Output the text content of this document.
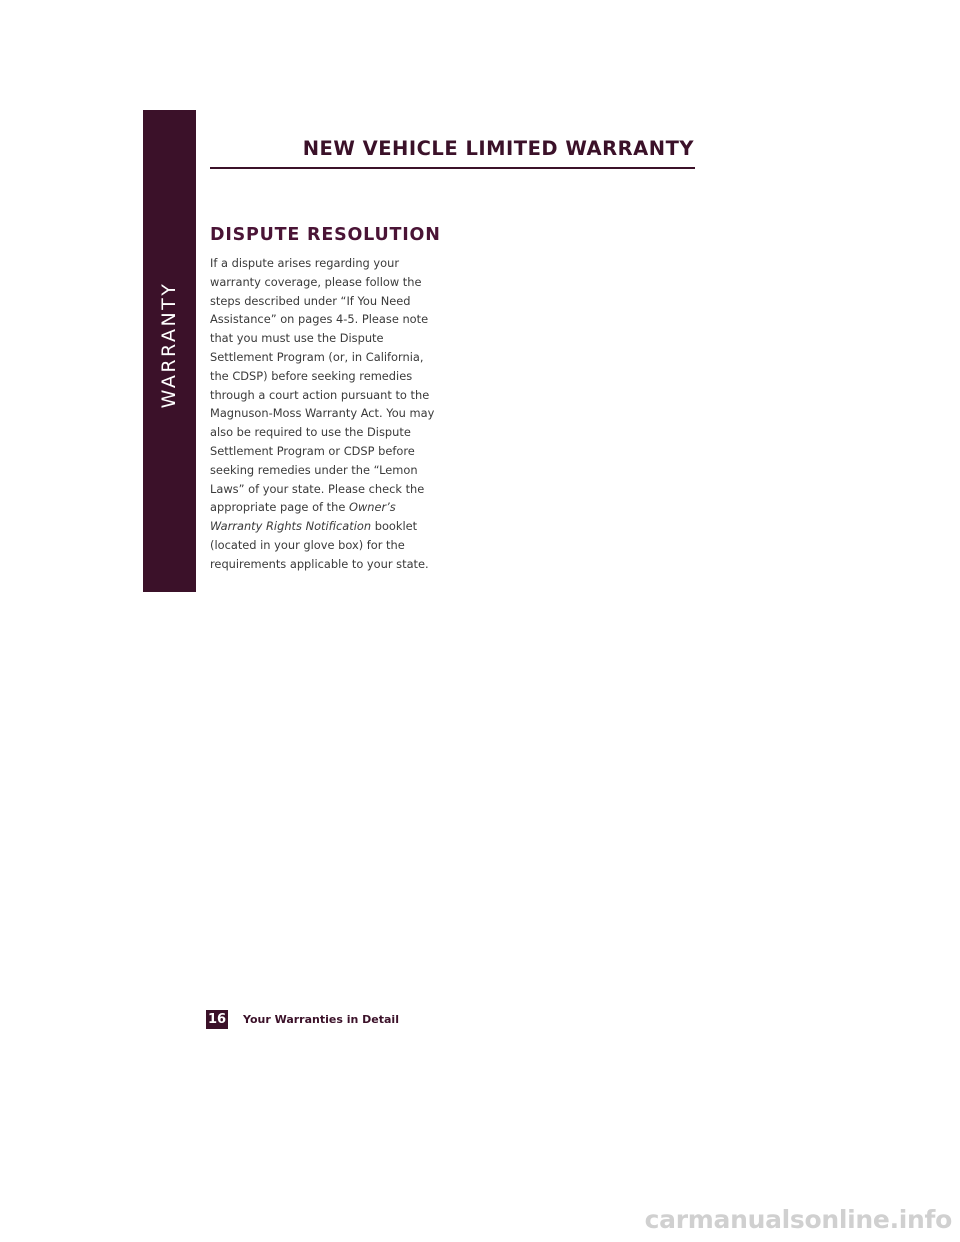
WARRANTY
NEW VEHICLE LIMITED WARRANTY
DISPUTE RESOLUTION
If a dispute arises regarding your
warranty coverage, please follow the
steps described under “If You Need
Assistance” on pages 4-5. Please note
that you must use the Dispute
Settlement Program (or, in California,
the CDSP) before seeking remedies
through a court action pursuant to the
Magnuson-Moss Warranty Act. You may
also be required to use the Dispute
Settlement Program or CDSP before
seeking remedies under the “Lemon
Laws” of your state. Please check the
appropriate page of the Owner’s
Warranty Rights Notification booklet
(located in your glove box) for the
requirements applicable to your state.
16 Your Warranties in Detail
carmanualsonline.info
